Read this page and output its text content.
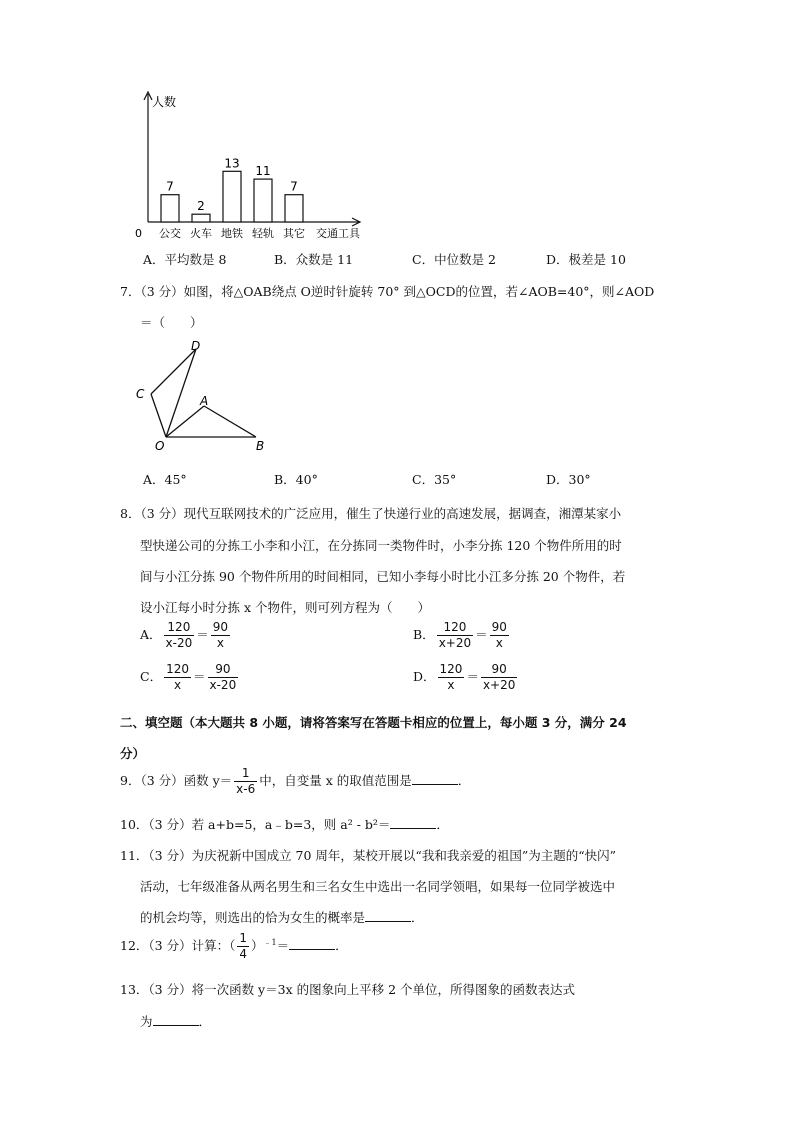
人数
交通工具
0
7
公交
2
火车
13
地铁
11
轻轨
7
其它
A．平均数是 8	B．众数是 11	C．中位数是 2	D．极差是 10
7．（3 分）如图，将△OAB绕点 O逆时针旋转 70° 到△OCD的位置，若∠AOB=40°，则∠AOD
＝（　　）
D
C	A
O	B
A．45°	B．40°	C．35°	D．30°
8．（3 分）现代互联网技术的广泛应用，催生了快递行业的高速发展，据调查，湘潭某家小
型快递公司的分拣工小李和小江，在分拣同一类物件时，小李分拣 120 个物件所用的时
间与小江分拣 90 个物件所用的时间相同，已知小李每小时比小江多分拣 20 个物件，若
设小江每小时分拣 x 个物件，则可列方程为（　　）
A． $\frac{120}{x-20} = \frac{90}{x}$	B． $\frac{120}{x+20} = \frac{90}{x}$
C． $\frac{120}{x} = \frac{90}{x-20}$	D． $\frac{120}{x} = \frac{90}{x+20}$
二、填空题（本大题共 8 小题，请将答案写在答题卡相应的位置上，每小题 3 分，满分 24
分）
9．（3 分）函数 $y= \frac{1}{x-6}$ 中，自变量 x 的取值范围是	．
10．（3 分）若 a+b=5，a﹣b=3，则 a² - b²＝	．
11．（3 分）为庆祝新中国成立 70 周年，某校开展以“我和我亲爱的祖国”为主题的“快闪”
活动，七年级准备从两名男生和三名女生中选出一名同学领唱，如果每一位同学被选中
的机会均等，则选出的恰为女生的概率是	．
12．（3 分）计算：（ $\frac{1}{4} )^{﹣1}=$	．
13．（3 分）将一次函数 y＝3x 的图象向上平移 2 个单位，所得图象的函数表达式
为	．
